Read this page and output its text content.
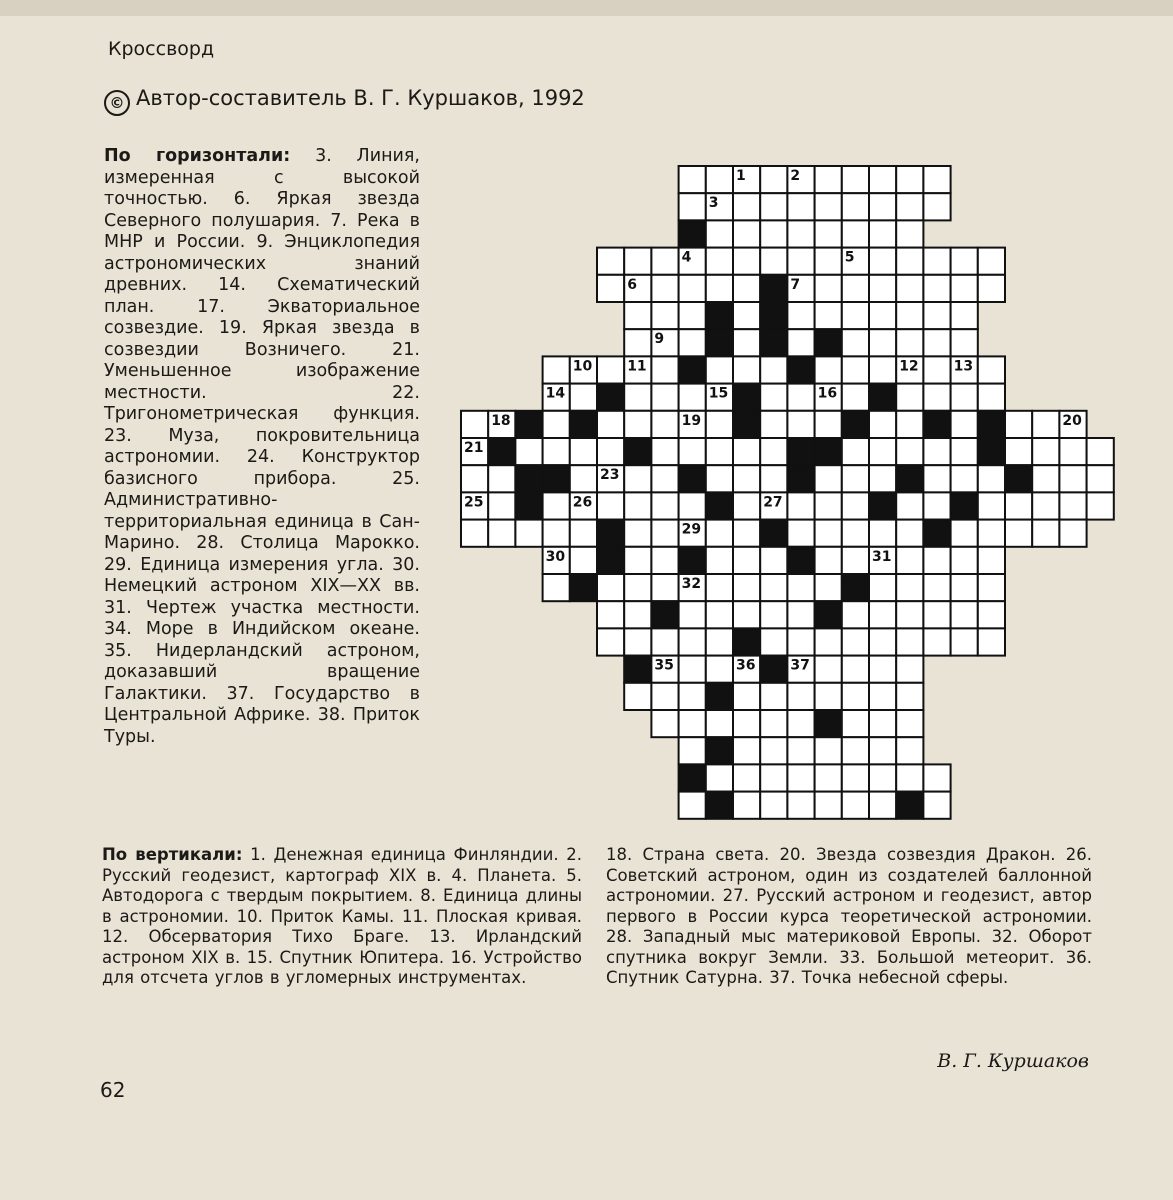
Кроссворд
© Автор-составитель В. Г. Куршаков, 1992
По горизонтали: 3. Линия, измеренная с высокой точностью. 6. Яркая звезда Северного полушария. 7. Река в МНР и России. 9. Энциклопедия астрономических знаний древних. 14. Схематический план. 17. Экваториальное созвездие. 19. Яркая звезда в созвездии Возничего. 21. Уменьшенное изображение местности. 22. Тригонометрическая функция. 23. Муза, покровительница астрономии. 24. Конструктор базисного прибора. 25. Административно-территориальная единица в Сан-Марино. 28. Столица Марокко. 29. Единица измерения угла. 30. Немецкий астроном XIX—XX вв. 31. Чертеж участка местности. 34. Море в Индийском океане. 35. Нидерландский астроном, доказавший вращение Галактики. 37. Государство в Центральной Африке. 38. Приток Туры.
1	2
3
4	5
6	7
8
9
10 11	12 13
14	15	16 17
18	19	20
21	22
23	24
25	26	27	28
29
30	31
32	33
34
35	36 37
38
По вертикали: 1. Денежная единица Финляндии. 2. Русский геодезист, картограф XIX в. 4. Планета. 5. Автодорога с твердым покрытием. 8. Единица длины в астрономии. 10. Приток Камы. 11. Плоская кривая. 12. Обсерватория Тихо Браге. 13. Ирландский астроном XIX в. 15. Спутник Юпитера. 16. Устройство для отсчета углов в угломерных инструментах.
18. Страна света. 20. Звезда созвездия Дракон. 26. Советский астроном, один из создателей баллонной астрономии. 27. Русский астроном и геодезист, автор первого в России курса теоретической астрономии. 28. Западный мыс материковой Европы. 32. Оборот спутника вокруг Земли. 33. Большой метеорит. 36. Спутник Сатурна. 37. Точка небесной сферы.
В. Г. Куршаков
62
